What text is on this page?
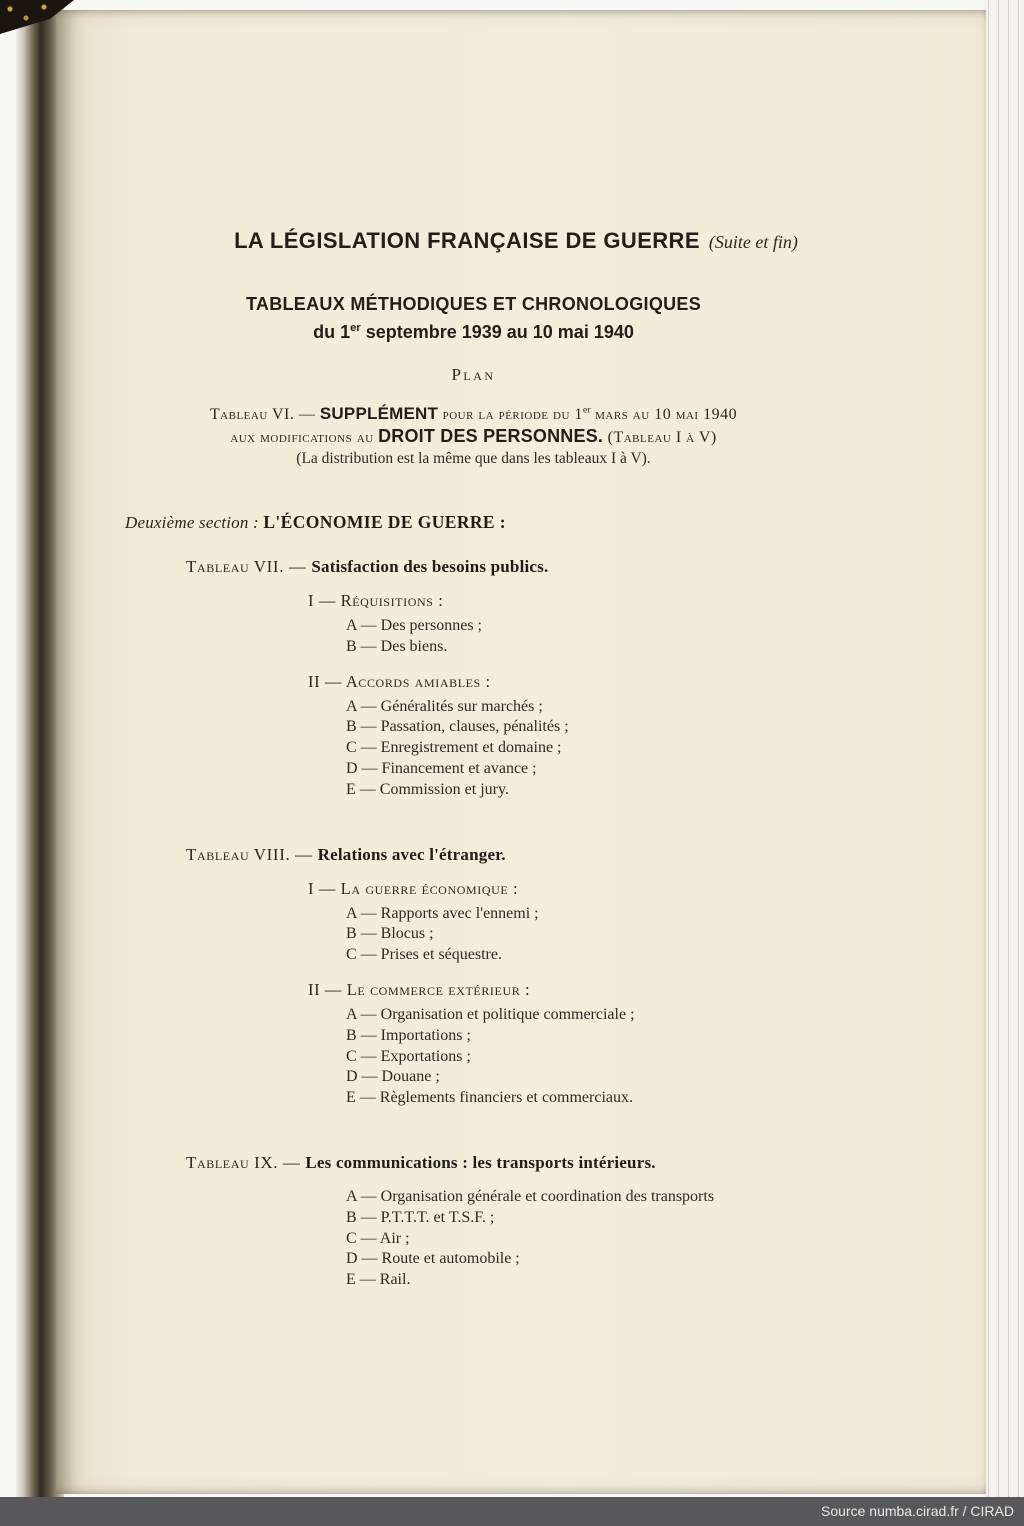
LA LÉGISLATION FRANÇAISE DE GUERRE (Suite et fin)
TABLEAUX MÉTHODIQUES ET CHRONOLOGIQUES
du 1er septembre 1939 au 10 mai 1940
Plan

Tableau VI. — SUPPLÉMENT pour la période du 1er mars au 10 mai 1940

aux modifications au DROIT DES PERSONNES. (Tableau I à V)

(La distribution est la même que dans les tableaux I à V).

Deuxième section : L'ÉCONOMIE DE GUERRE :

Tableau VII. — Satisfaction des besoins publics.

I — Réquisitions :

A — Des personnes ;

B — Des biens.

II — Accords amiables :

A — Généralités sur marchés ;

B — Passation, clauses, pénalités ;

C — Enregistrement et domaine ;

D — Financement et avance ;

E — Commission et jury.

Tableau VIII. — Relations avec l'étranger.

I — La guerre économique :

A — Rapports avec l'ennemi ;

B — Blocus ;

C — Prises et séquestre.

II — Le commerce extérieur :

A — Organisation et politique commerciale ;

B — Importations ;

C — Exportations ;

D — Douane ;

E — Règlements financiers et commerciaux.

Tableau IX. — Les communications : les transports intérieurs.

A — Organisation générale et coordination des transports

B — P.T.T.T. et T.S.F. ;

C — Air ;

D — Route et automobile ;

E — Rail.

Source numba.cirad.fr / CIRAD
